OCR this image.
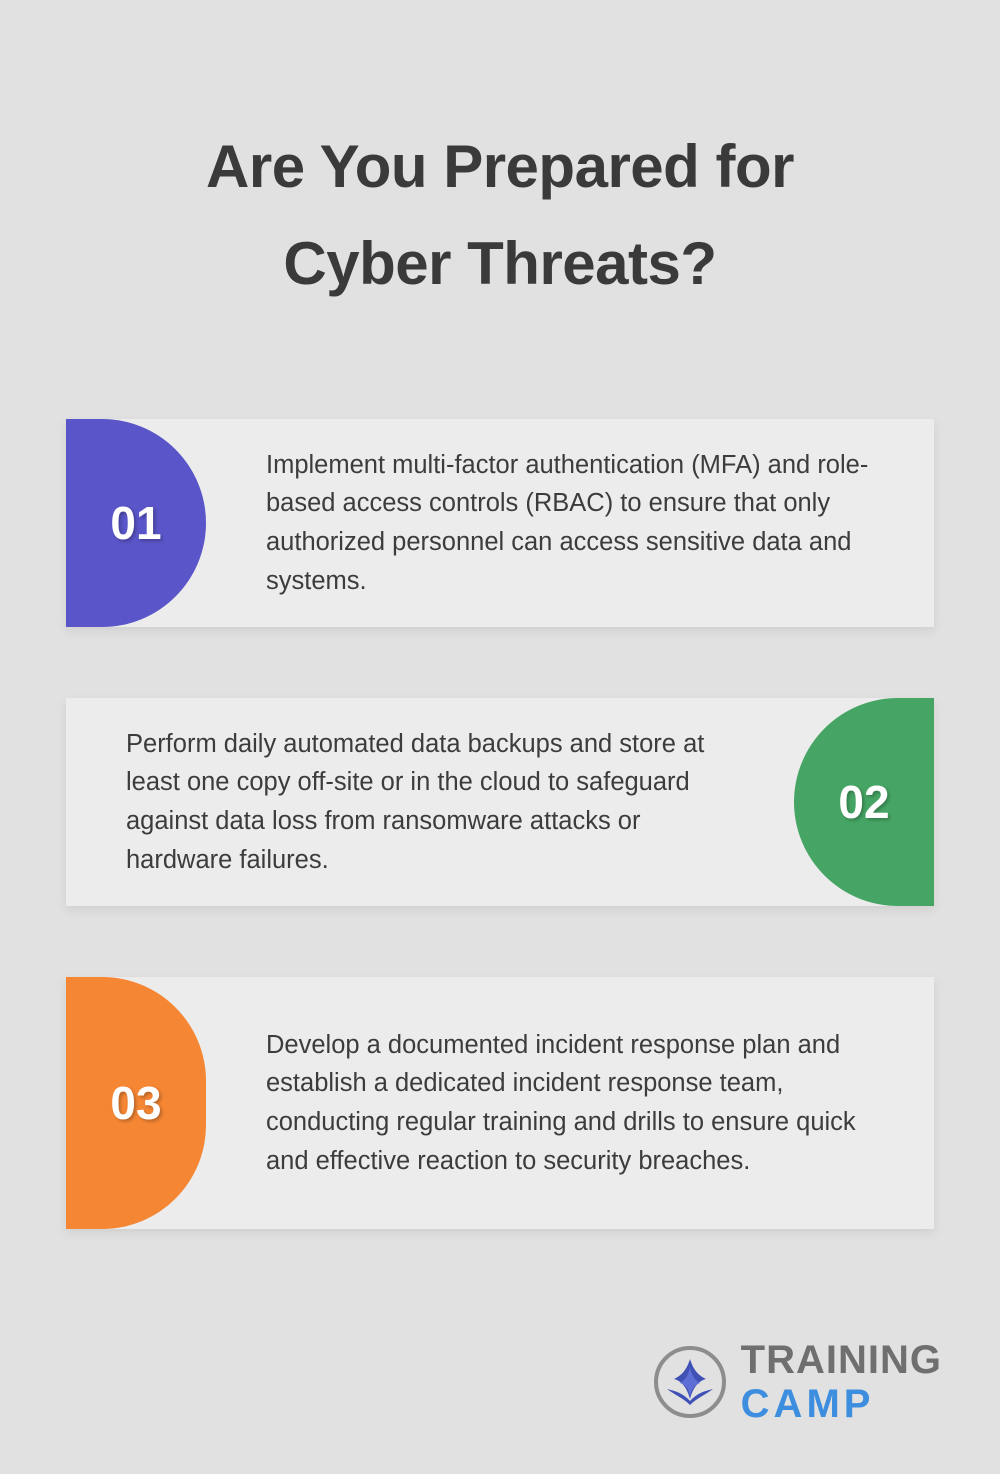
Are You Prepared for
Cyber Threats?
01
Implement multi-factor authentication (MFA) and role-based access controls (RBAC) to ensure that only authorized personnel can access sensitive data and systems.
Perform daily automated data backups and store at least one copy off-site or in the cloud to safeguard against data loss from ransomware attacks or hardware failures.
02
03
Develop a documented incident response plan and establish a dedicated incident response team, conducting regular training and drills to ensure quick and effective reaction to security breaches.
TRAINING
CAMP
